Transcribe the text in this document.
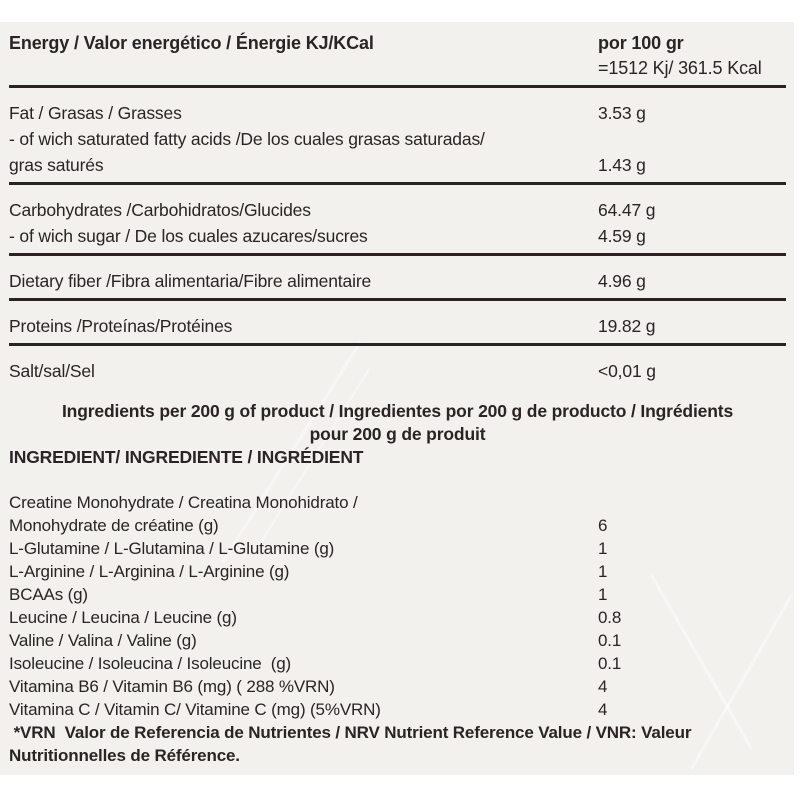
Energy / Valor energético / Énergie KJ/KCal	por 100 gr
=1512 Kj/ 361.5 Kcal
Fat / Grasas / Grasses	3.53 g
- of wich saturated fatty acids /De los cuales grasas saturadas/
gras saturés	1.43 g
Carbohydrates /Carbohidratos/Glucides	64.47 g
- of wich sugar / De los cuales azucares/sucres	4.59 g
Dietary fiber /Fibra alimentaria/Fibre alimentaire	4.96 g
Proteins /Proteínas/Protéines	19.82 g
Salt/sal/Sel	<0,01 g
Ingredients per 200 g of product / Ingredientes por 200 g de producto / Ingrédients
pour 200 g de produit
INGREDIENT/ INGREDIENTE / INGRÉDIENT
Creatine Monohydrate / Creatina Monohidrato /
Monohydrate de créatine (g)	6
L-Glutamine / L-Glutamina / L-Glutamine (g)	1
L-Arginine / L-Arginina / L-Arginine (g)	1
BCAAs (g)	1
Leucine / Leucina / Leucine (g)	0.8
Valine / Valina / Valine (g)	0.1
Isoleucine / Isoleucina / Isoleucine  (g)	0.1
Vitamina B6 / Vitamin B6 (mg) ( 288 %VRN)	4
Vitamina C / Vitamin C/ Vitamine C (mg) (5%VRN)	4
*VRN  Valor de Referencia de Nutrientes / NRV Nutrient Reference Value / VNR: Valeur Nutritionnelles de Référence.
